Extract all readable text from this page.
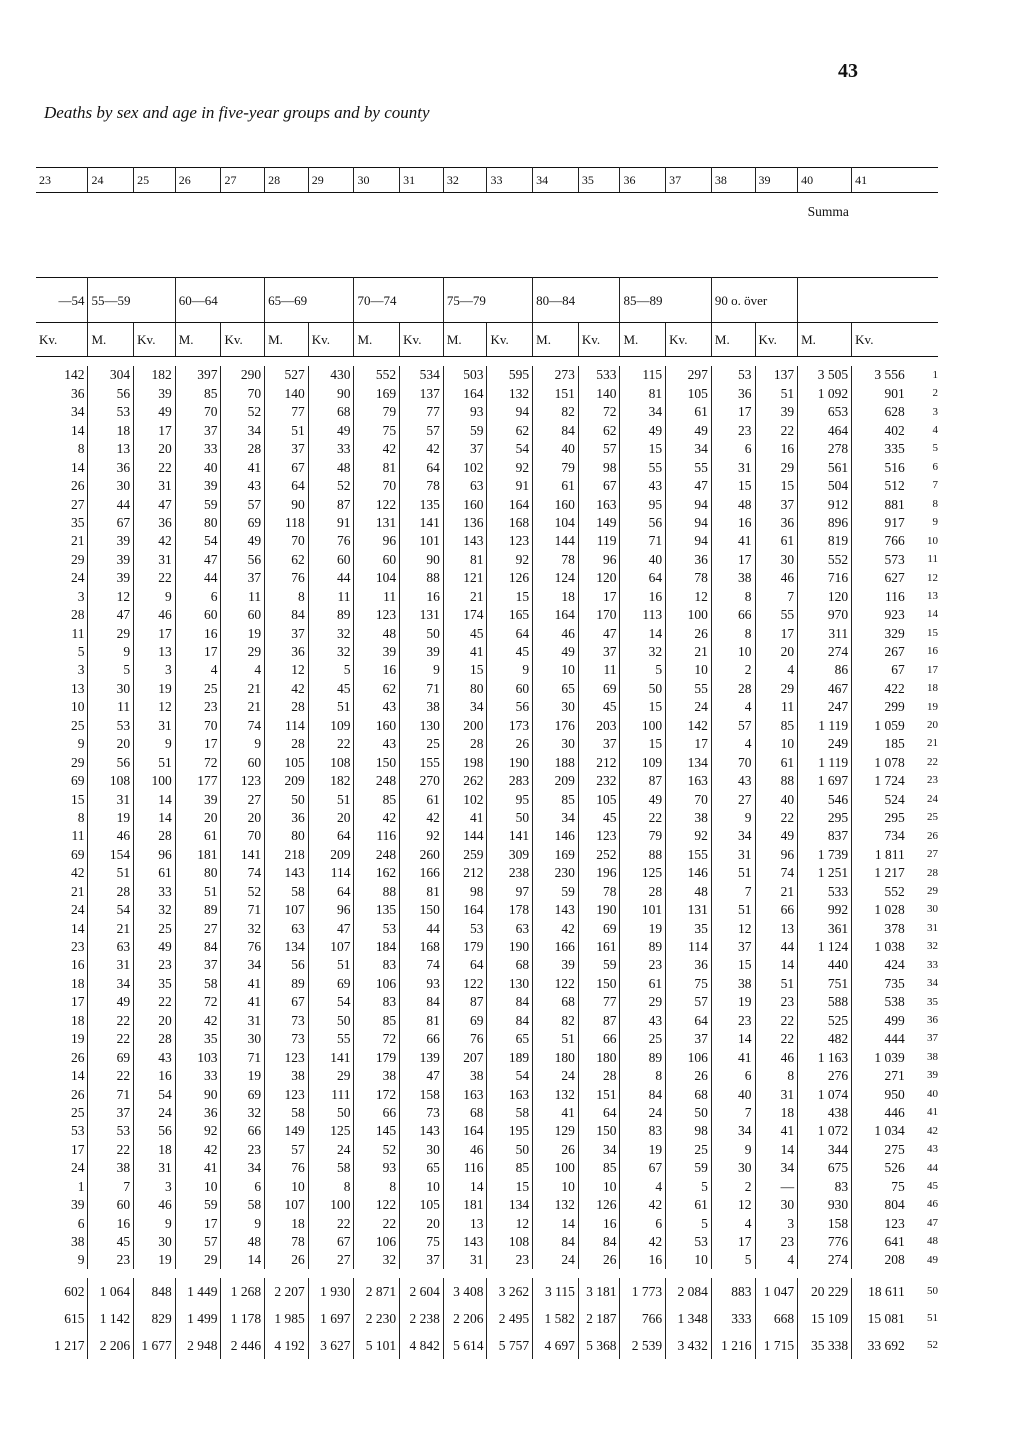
43
Deaths by sex and age in five-year groups and by county
23	24	25	26	27	28	29	30	31	32	33	34	35	36	37	38	39	40	41	
																	Summa		
—54	55—59		60—64		65—69		70—74		75—79		80—84		85—89		90 o. över				
Kv.	M.	Kv.	M.	Kv.	M.	Kv.	M.	Kv.	M.	Kv.	M.	Kv.	M.	Kv.	M.	Kv.	M.	Kv.	

142	304	182	397	290	527	430	552	534	503	595	273	533	115	297	53	137	3 505	3 556	1
36	56	39	85	70	140	90	169	137	164	132	151	140	81	105	36	51	1 092	901	2
34	53	49	70	52	77	68	79	77	93	94	82	72	34	61	17	39	653	628	3
14	18	17	37	34	51	49	75	57	59	62	84	62	49	49	23	22	464	402	4
8	13	20	33	28	37	33	42	42	37	54	40	57	15	34	6	16	278	335	5
14	36	22	40	41	67	48	81	64	102	92	79	98	55	55	31	29	561	516	6
26	30	31	39	43	64	52	70	78	63	91	61	67	43	47	15	15	504	512	7
27	44	47	59	57	90	87	122	135	160	164	160	163	95	94	48	37	912	881	8
35	67	36	80	69	118	91	131	141	136	168	104	149	56	94	16	36	896	917	9
21	39	42	54	49	70	76	96	101	143	123	144	119	71	94	41	61	819	766	10
29	39	31	47	56	62	60	60	90	81	92	78	96	40	36	17	30	552	573	11
24	39	22	44	37	76	44	104	88	121	126	124	120	64	78	38	46	716	627	12
3	12	9	6	11	8	11	11	16	21	15	18	17	16	12	8	7	120	116	13
28	47	46	60	60	84	89	123	131	174	165	164	170	113	100	66	55	970	923	14
11	29	17	16	19	37	32	48	50	45	64	46	47	14	26	8	17	311	329	15
5	9	13	17	29	36	32	39	39	41	45	49	37	32	21	10	20	274	267	16
3	5	3	4	4	12	5	16	9	15	9	10	11	5	10	2	4	86	67	17
13	30	19	25	21	42	45	62	71	80	60	65	69	50	55	28	29	467	422	18
10	11	12	23	21	28	51	43	38	34	56	30	45	15	24	4	11	247	299	19
25	53	31	70	74	114	109	160	130	200	173	176	203	100	142	57	85	1 119	1 059	20
9	20	9	17	9	28	22	43	25	28	26	30	37	15	17	4	10	249	185	21
29	56	51	72	60	105	108	150	155	198	190	188	212	109	134	70	61	1 119	1 078	22
69	108	100	177	123	209	182	248	270	262	283	209	232	87	163	43	88	1 697	1 724	23
15	31	14	39	27	50	51	85	61	102	95	85	105	49	70	27	40	546	524	24
8	19	14	20	20	36	20	42	42	41	50	34	45	22	38	9	22	295	295	25
11	46	28	61	70	80	64	116	92	144	141	146	123	79	92	34	49	837	734	26
69	154	96	181	141	218	209	248	260	259	309	169	252	88	155	31	96	1 739	1 811	27
42	51	61	80	74	143	114	162	166	212	238	230	196	125	146	51	74	1 251	1 217	28
21	28	33	51	52	58	64	88	81	98	97	59	78	28	48	7	21	533	552	29
24	54	32	89	71	107	96	135	150	164	178	143	190	101	131	51	66	992	1 028	30
14	21	25	27	32	63	47	53	44	53	63	42	69	19	35	12	13	361	378	31
23	63	49	84	76	134	107	184	168	179	190	166	161	89	114	37	44	1 124	1 038	32
16	31	23	37	34	56	51	83	74	64	68	39	59	23	36	15	14	440	424	33
18	34	35	58	41	89	69	106	93	122	130	122	150	61	75	38	51	751	735	34
17	49	22	72	41	67	54	83	84	87	84	68	77	29	57	19	23	588	538	35
18	22	20	42	31	73	50	85	81	69	84	82	87	43	64	23	22	525	499	36
19	22	28	35	30	73	55	72	66	76	65	51	66	25	37	14	22	482	444	37
26	69	43	103	71	123	141	179	139	207	189	180	180	89	106	41	46	1 163	1 039	38
14	22	16	33	19	38	29	38	47	38	54	24	28	8	26	6	8	276	271	39
26	71	54	90	69	123	111	172	158	163	163	132	151	84	68	40	31	1 074	950	40
25	37	24	36	32	58	50	66	73	68	58	41	64	24	50	7	18	438	446	41
53	53	56	92	66	149	125	145	143	164	195	129	150	83	98	34	41	1 072	1 034	42
17	22	18	42	23	57	24	52	30	46	50	26	34	19	25	9	14	344	275	43
24	38	31	41	34	76	58	93	65	116	85	100	85	67	59	30	34	675	526	44
1	7	3	10	6	10	8	8	10	14	15	10	10	4	5	2	—	83	75	45
39	60	46	59	58	107	100	122	105	181	134	132	126	42	61	12	30	930	804	46
6	16	9	17	9	18	22	22	20	13	12	14	16	6	5	4	3	158	123	47
38	45	30	57	48	78	67	106	75	143	108	84	84	42	53	17	23	776	641	48
9	23	19	29	14	26	27	32	37	31	23	24	26	16	10	5	4	274	208	49

602	1 064	848	1 449	1 268	2 207	1 930	2 871	2 604	3 408	3 262	3 115	3 181	1 773	2 084	883	1 047	20 229	18 611	50
615	1 142	829	1 499	1 178	1 985	1 697	2 230	2 238	2 206	2 495	1 582	2 187	766	1 348	333	668	15 109	15 081	51
1 217	2 206	1 677	2 948	2 446	4 192	3 627	5 101	4 842	5 614	5 757	4 697	5 368	2 539	3 432	1 216	1 715	35 338	33 692	52
